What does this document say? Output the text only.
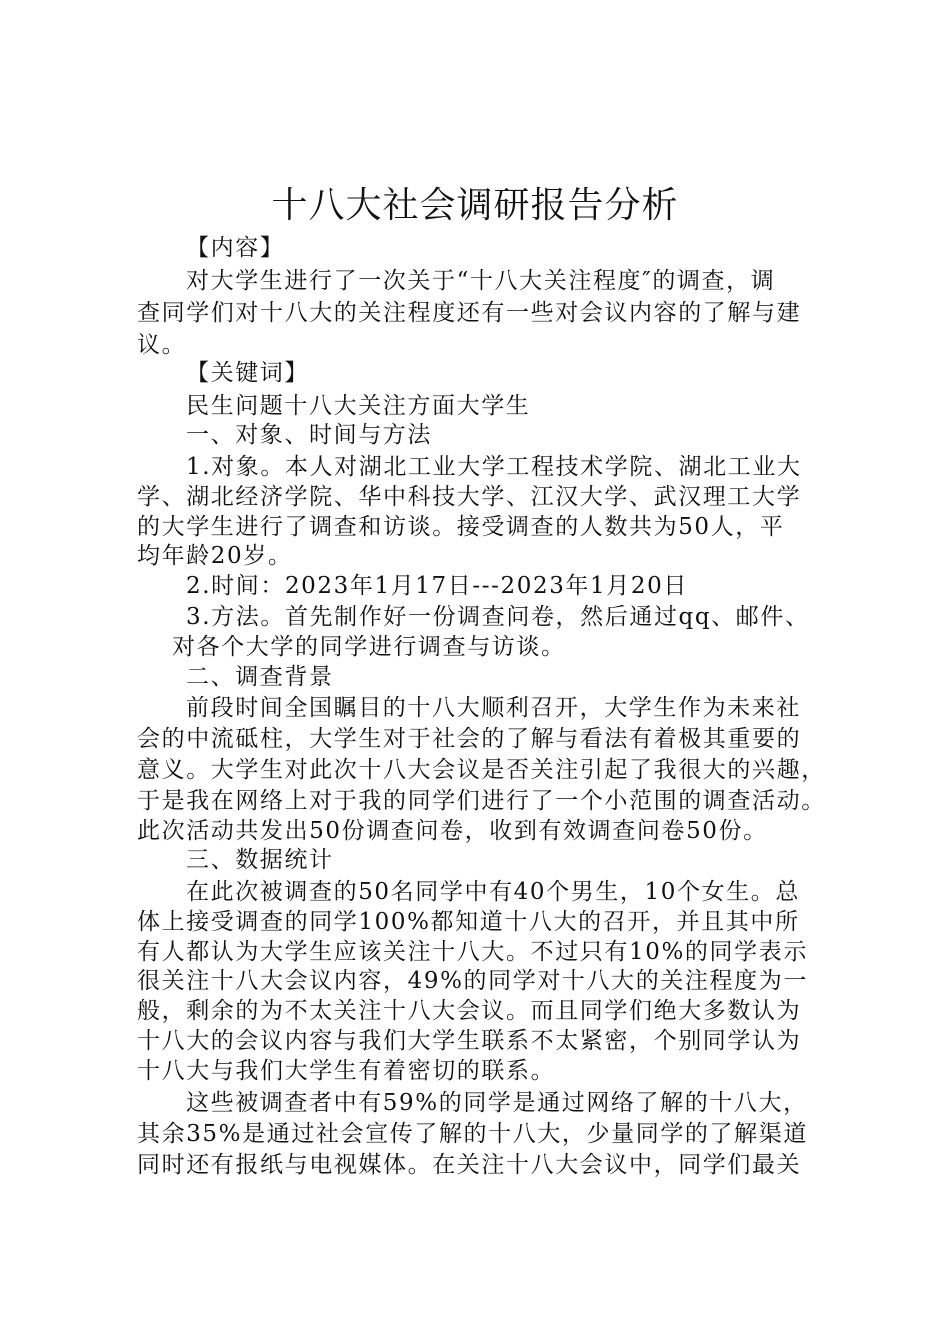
十八大社会调研报告分析
【内容】
对大学生进行了一次关于“十八大关注程度″的调查，调
查同学们对十八大的关注程度还有一些对会议内容的了解与建
议。
【关键词】
民生问题十八大关注方面大学生
一、对象、时间与方法
1.对象。本人对湖北工业大学工程技术学院、湖北工业大
学、湖北经济学院、华中科技大学、江汉大学、武汉理工大学
的大学生进行了调查和访谈。接受调查的人数共为50人，平
均年龄20岁。
2.时间：2023年1月17日---2023年1月20日
3.方法。首先制作好一份调查问卷，然后通过qq、邮件、
对各个大学的同学进行调查与访谈。
二、调查背景
前段时间全国瞩目的十八大顺利召开，大学生作为未来社
会的中流砥柱，大学生对于社会的了解与看法有着极其重要的
意义。大学生对此次十八大会议是否关注引起了我很大的兴趣，
于是我在网络上对于我的同学们进行了一个小范围的调查活动。
此次活动共发出50份调查问卷，收到有效调查问卷50份。
三、数据统计
在此次被调查的50名同学中有40个男生，10个女生。总
体上接受调查的同学100%都知道十八大的召开，并且其中所
有人都认为大学生应该关注十八大。不过只有10%的同学表示
很关注十八大会议内容，49%的同学对十八大的关注程度为一
般，剩余的为不太关注十八大会议。而且同学们绝大多数认为
十八大的会议内容与我们大学生联系不太紧密，个别同学认为
十八大与我们大学生有着密切的联系。
这些被调查者中有59%的同学是通过网络了解的十八大，
其余35%是通过社会宣传了解的十八大，少量同学的了解渠道
同时还有报纸与电视媒体。在关注十八大会议中，同学们最关
